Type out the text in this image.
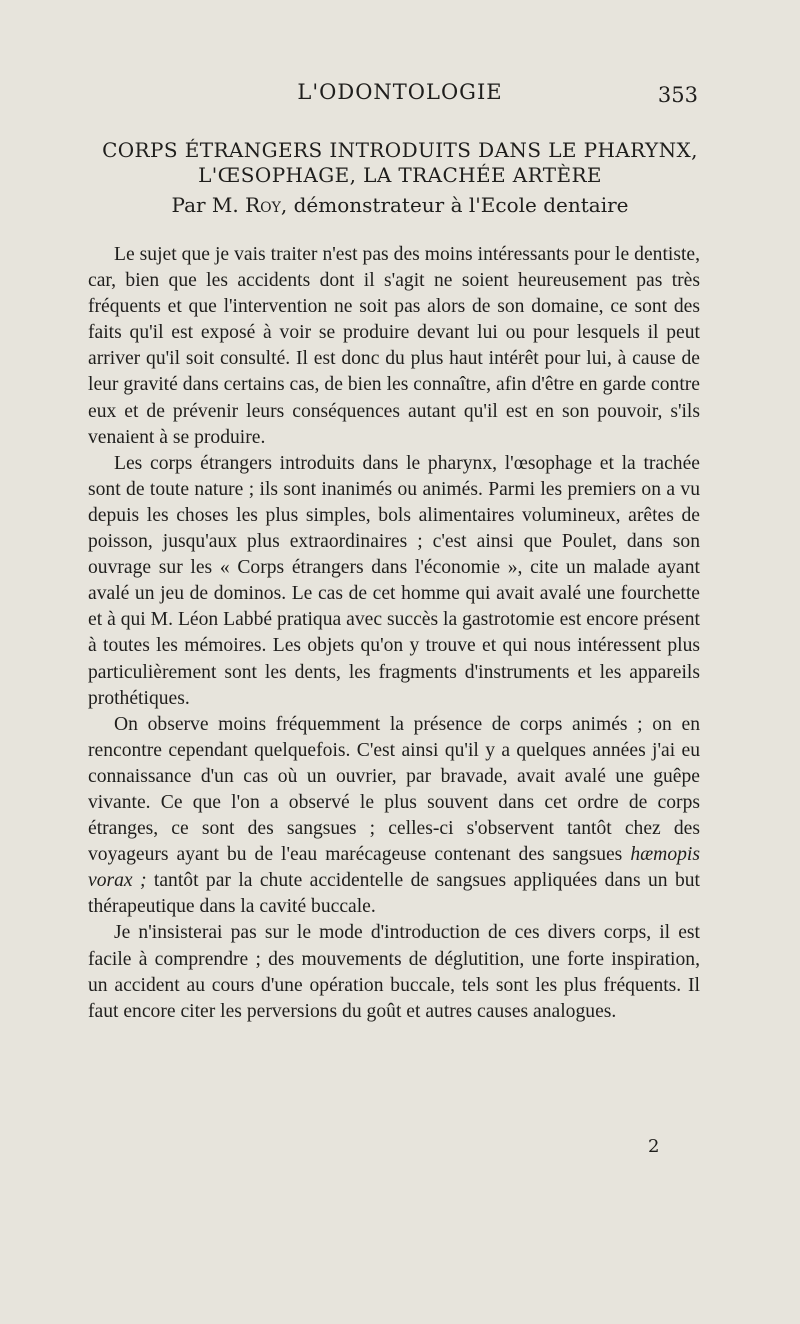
L'ODONTOLOGIE	353
CORPS ÉTRANGERS INTRODUITS DANS LE PHARYNX,
L'ŒSOPHAGE, LA TRACHÉE ARTÈRE
Par M. Roy, démonstrateur à l'Ecole dentaire

Le sujet que je vais traiter n'est pas des moins intéressants pour le dentiste, car, bien que les accidents dont il s'agit ne soient heureusement pas très fréquents et que l'intervention ne soit pas alors de son domaine, ce sont des faits qu'il est exposé à voir se produire devant lui ou pour lesquels il peut arriver qu'il soit consulté. Il est donc du plus haut intérêt pour lui, à cause de leur gravité dans certains cas, de bien les connaître, afin d'être en garde contre eux et de prévenir leurs conséquences autant qu'il est en son pouvoir, s'ils venaient à se produire.

Les corps étrangers introduits dans le pharynx, l'œsophage et la trachée sont de toute nature ; ils sont inanimés ou animés. Parmi les premiers on a vu depuis les choses les plus simples, bols alimentaires volumineux, arêtes de poisson, jusqu'aux plus extraordinaires ; c'est ainsi que Poulet, dans son ouvrage sur les « Corps étrangers dans l'économie », cite un malade ayant avalé un jeu de dominos. Le cas de cet homme qui avait avalé une fourchette et à qui M. Léon Labbé pratiqua avec succès la gastrotomie est encore présent à toutes les mémoires. Les objets qu'on y trouve et qui nous intéressent plus particulièrement sont les dents, les fragments d'instruments et les appareils prothétiques.

On observe moins fréquemment la présence de corps animés ; on en rencontre cependant quelquefois. C'est ainsi qu'il y a quelques années j'ai eu connaissance d'un cas où un ouvrier, par bravade, avait avalé une guêpe vivante. Ce que l'on a observé le plus souvent dans cet ordre de corps étranges, ce sont des sangsues ; celles-ci s'observent tantôt chez des voyageurs ayant bu de l'eau marécageuse contenant des sangsues hæmopis vorax ; tantôt par la chute accidentelle de sangsues appliquées dans un but thérapeutique dans la cavité buccale.

Je n'insisterai pas sur le mode d'introduction de ces divers corps, il est facile à comprendre ; des mouvements de déglutition, une forte inspiration, un accident au cours d'une opération buccale, tels sont les plus fréquents. Il faut encore citer les perversions du goût et autres causes analogues.

2
